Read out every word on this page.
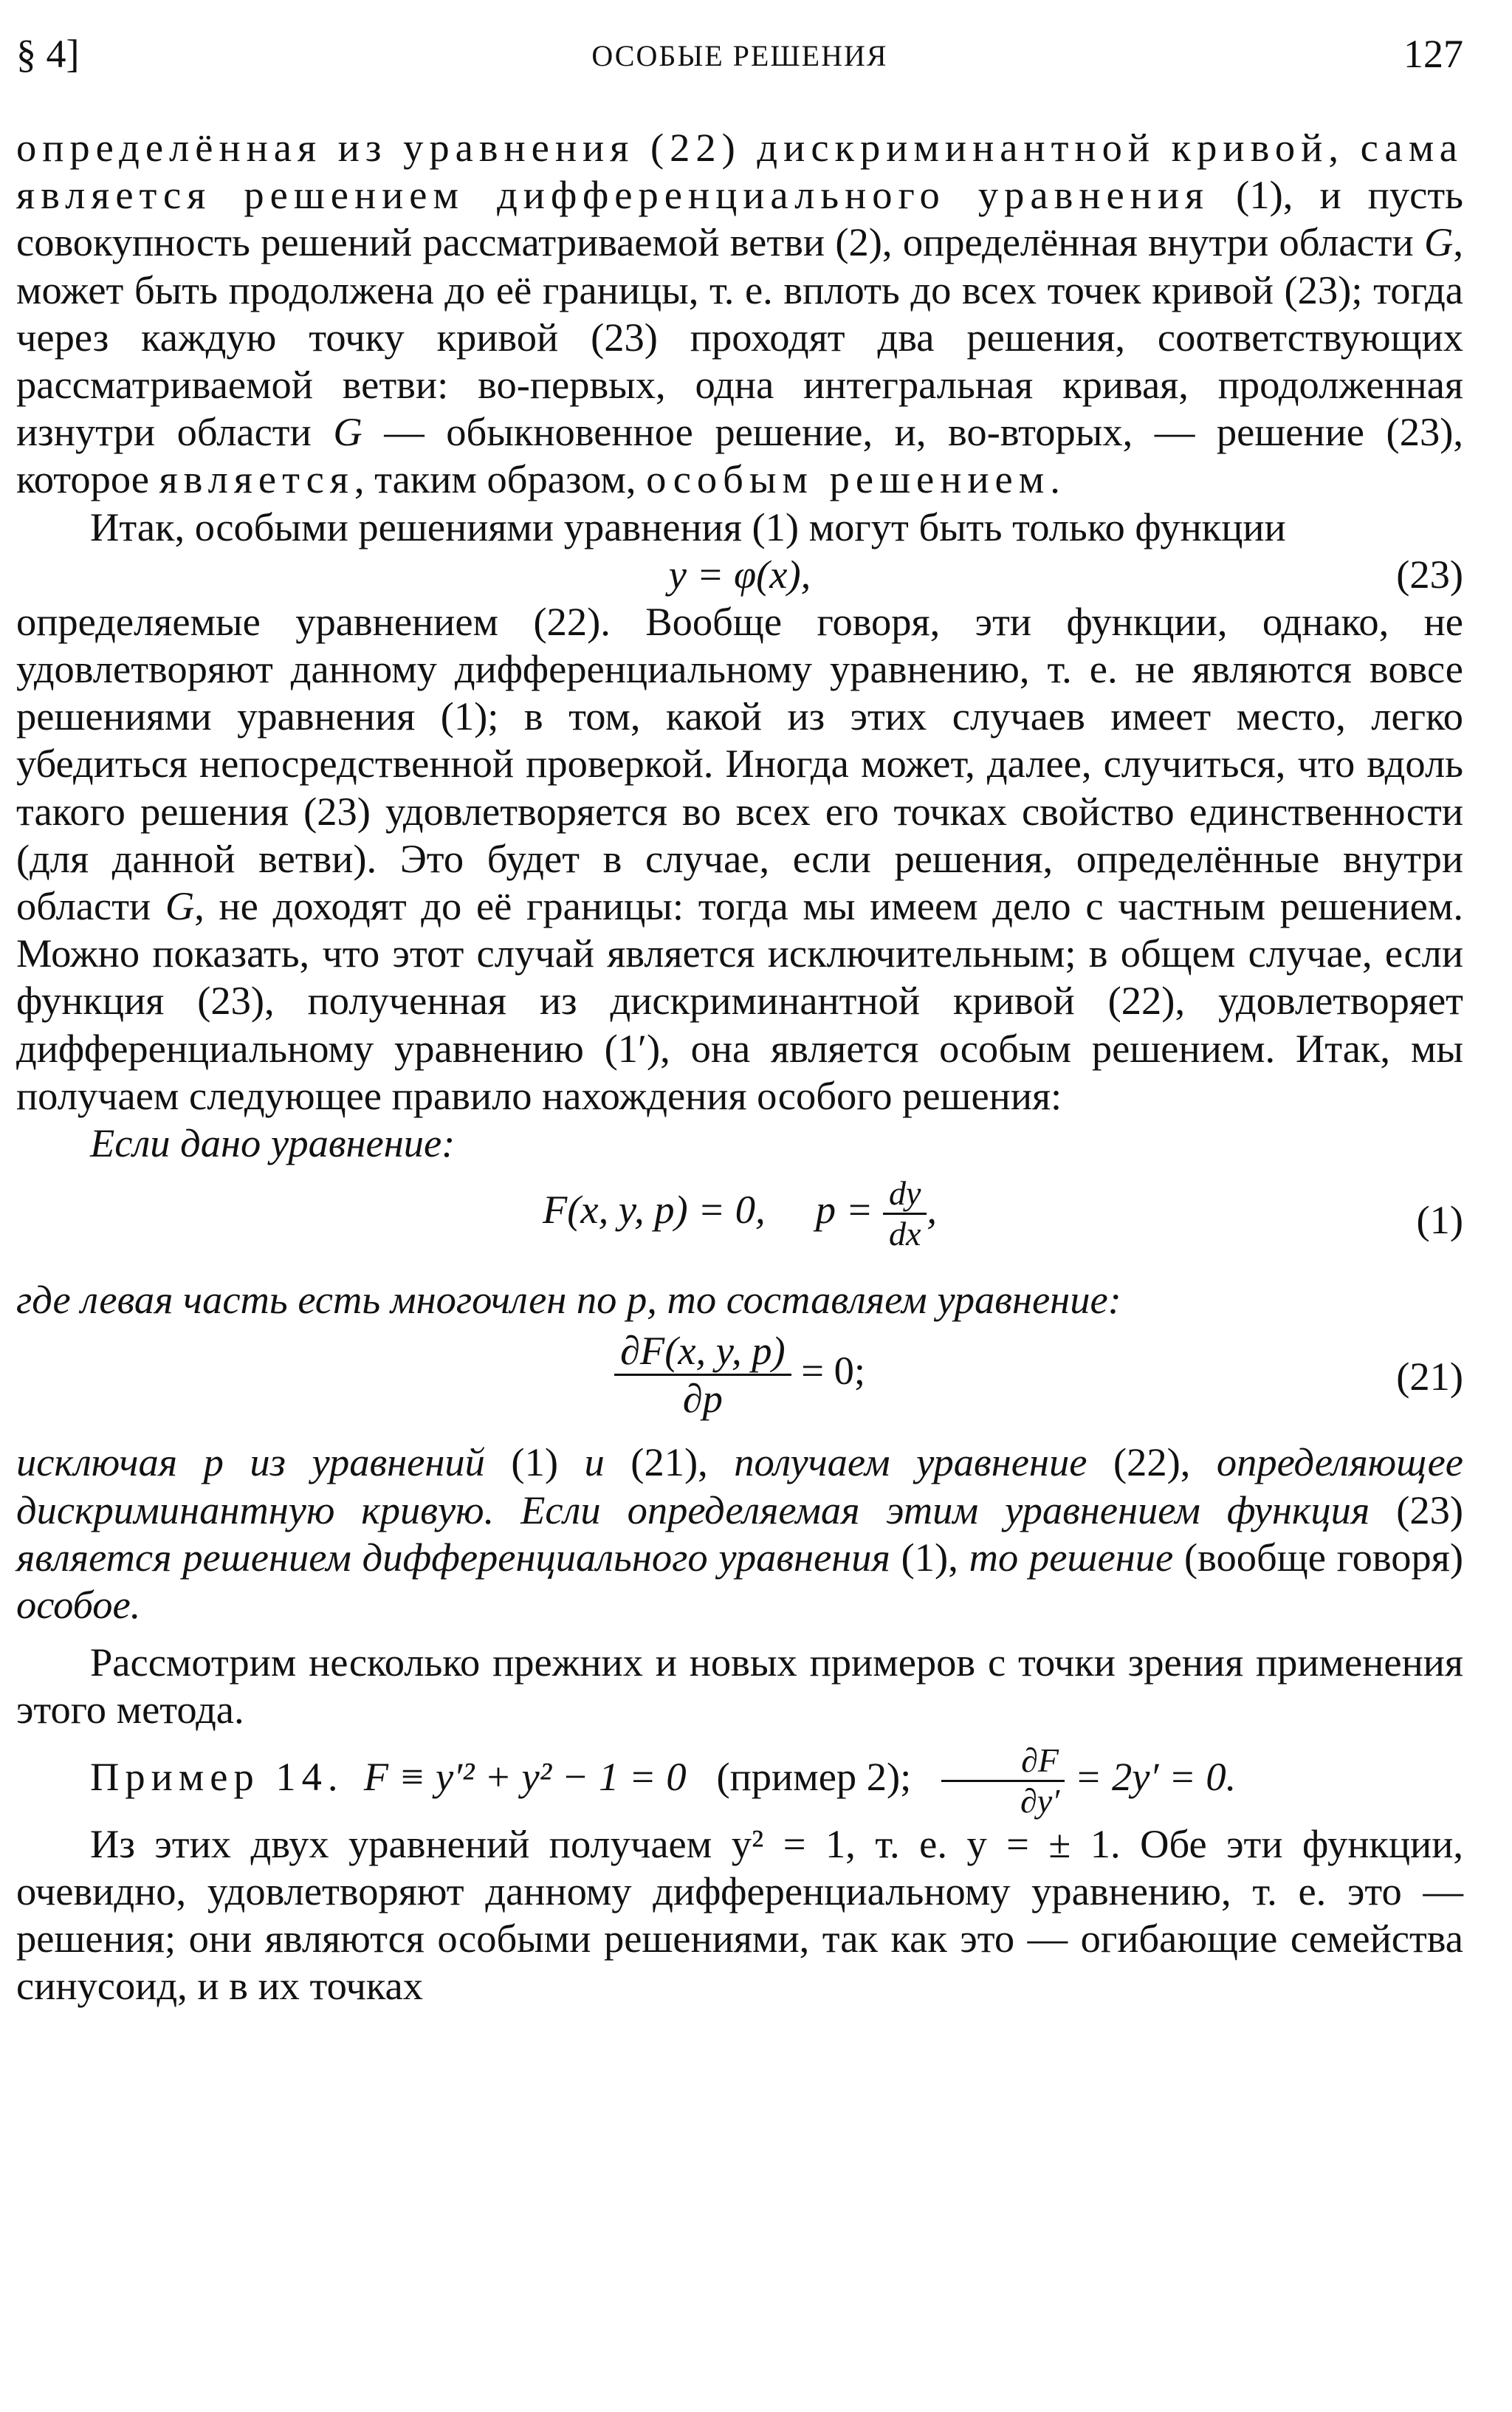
§ 4]	ОСОБЫЕ РЕШЕНИЯ	127

определённая из уравнения (22) дискриминантной кривой, сама является решением дифференциального уравнения (1), и пусть совокупность решений рассматриваемой ветви (2), определённая внутри области G, может быть продолжена до её границы, т. е. вплоть до всех точек кривой (23); тогда через каждую точку кривой (23) проходят два решения, соответствующих рассматриваемой ветви: во-первых, одна интегральная кривая, продолженная изнутри области G — обыкновенное решение, и, во-вторых, — решение (23), которое является, таким образом, особым решением.

Итак, особыми решениями уравнения (1) могут быть только функции

y = φ(x),	(23)

определяемые уравнением (22). Вообще говоря, эти функции, однако, не удовлетворяют данному дифференциальному уравнению, т. е. не являются вовсе решениями уравнения (1); в том, какой из этих случаев имеет место, легко убедиться непосредственной проверкой. Иногда может, далее, случиться, что вдоль такого решения (23) удовлетворяется во всех его точках свойство единственности (для данной ветви). Это будет в случае, если решения, определённые внутри области G, не доходят до её границы: тогда мы имеем дело с частным решением. Можно показать, что этот случай является исключительным; в общем случае, если функция (23), полученная из дискриминантной кривой (22), удовлетворяет дифференциальному уравнению (1′), она является особым решением. Итак, мы получаем следующее правило нахождения особого решения:

Если дано уравнение:

F(x, y, p) = 0, $p = \frac{dy}{dx}$ ,	(1)

где левая часть есть многочлен по p, то составляем уравнение:

$\frac{\partial F(x, y, p)}{\partial p} = 0$;	(21)

исключая p из уравнений (1) и (21), получаем уравнение (22), определяющее дискриминантную кривую. Если определяемая этим уравнением функция (23) является решением дифференциального уравнения (1), то решение (вообще говоря) особое.

Рассмотрим несколько прежних и новых примеров с точки зрения применения этого метода.

Пример 14. F ≡ y′² + y² − 1 = 0 (пример 2); $\frac{\partial F}{\partial y'} = 2y' = 0$.

Из этих двух уравнений получаем y² = 1, т. е. y = ± 1. Обе эти функции, очевидно, удовлетворяют данному дифференциальному уравнению, т. е. это — решения; они являются особыми решениями, так как это — огибающие семейства синусоид, и в их точках
